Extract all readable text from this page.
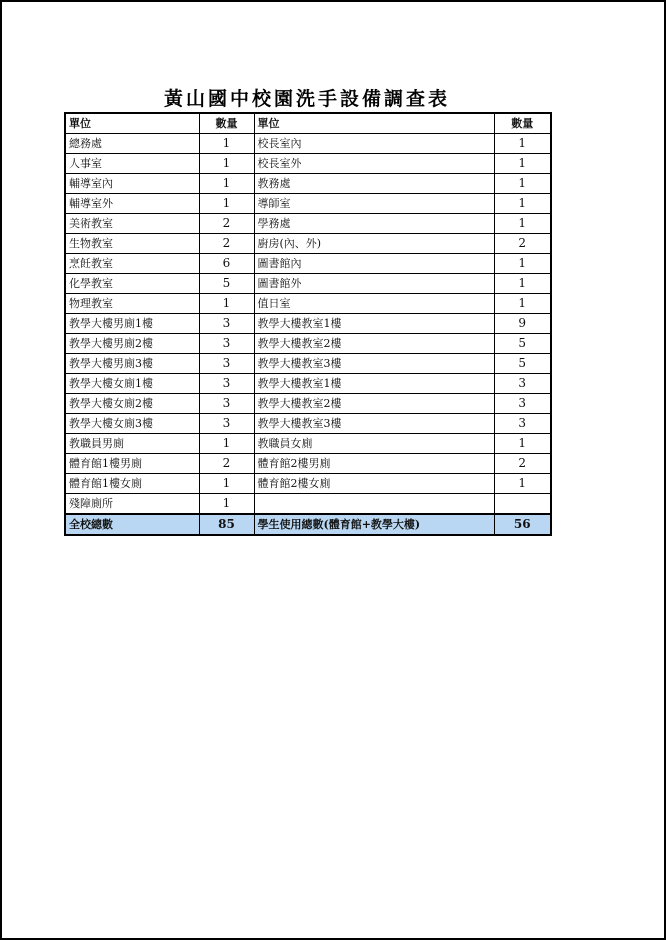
黃山國中校園洗手設備調查表
單位	數量	單位	數量
總務處	1	校長室內	1
人事室	1	校長室外	1
輔導室內	1	教務處	1
輔導室外	1	導師室	1
美術教室	2	學務處	1
生物教室	2	廚房(內、外)	2
烹飪教室	6	圖書館內	1
化學教室	5	圖書館外	1
物理教室	1	值日室	1
教學大樓男廁1樓	3	教學大樓教室1樓	9
教學大樓男廁2樓	3	教學大樓教室2樓	5
教學大樓男廁3樓	3	教學大樓教室3樓	5
教學大樓女廁1樓	3	教學大樓教室1樓	3
教學大樓女廁2樓	3	教學大樓教室2樓	3
教學大樓女廁3樓	3	教學大樓教室3樓	3
教職員男廁	1	教職員女廁	1
體育館1樓男廁	2	體育館2樓男廁	2
體育館1樓女廁	1	體育館2樓女廁	1
殘障廁所	1		
全校總數	85	學生使用總數(體育館+教學大樓)	56
